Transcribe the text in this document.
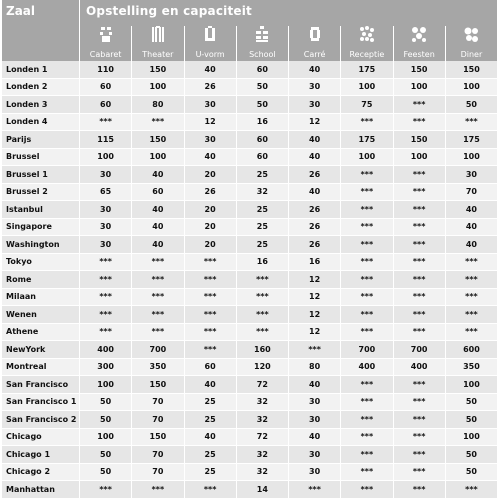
Zaal	Opstelling en capaciteit							

	Cabaret	Theater	U-vorm	School	Carré	Receptie	Feesten	Diner
Londen 1	110	150	40	60	40	175	150	150
Londen 2	60	100	26	50	30	100	100	100
Londen 3	60	80	30	50	30	75	***	50
Londen 4	***	***	12	16	12	***	***	***
Parijs	115	150	30	60	40	175	150	175
Brussel	100	100	40	60	40	100	100	100
Brussel 1	30	40	20	25	26	***	***	30
Brussel 2	65	60	26	32	40	***	***	70
Istanbul	30	40	20	25	26	***	***	40
Singapore	30	40	20	25	26	***	***	40
Washington	30	40	20	25	26	***	***	40
Tokyo	***	***	***	16	16	***	***	***
Rome	***	***	***	***	12	***	***	***
Milaan	***	***	***	***	12	***	***	***
Wenen	***	***	***	***	12	***	***	***
Athene	***	***	***	***	12	***	***	***
NewYork	400	700	***	160	***	700	700	600
Montreal	300	350	60	120	80	400	400	350
San Francisco	100	150	40	72	40	***	***	100
San Francisco 1	50	70	25	32	30	***	***	50
San Francisco 2	50	70	25	32	30	***	***	50
Chicago	100	150	40	72	40	***	***	100
Chicago 1	50	70	25	32	30	***	***	50
Chicago 2	50	70	25	32	30	***	***	50
Manhattan	***	***	***	14	***	***	***	***
